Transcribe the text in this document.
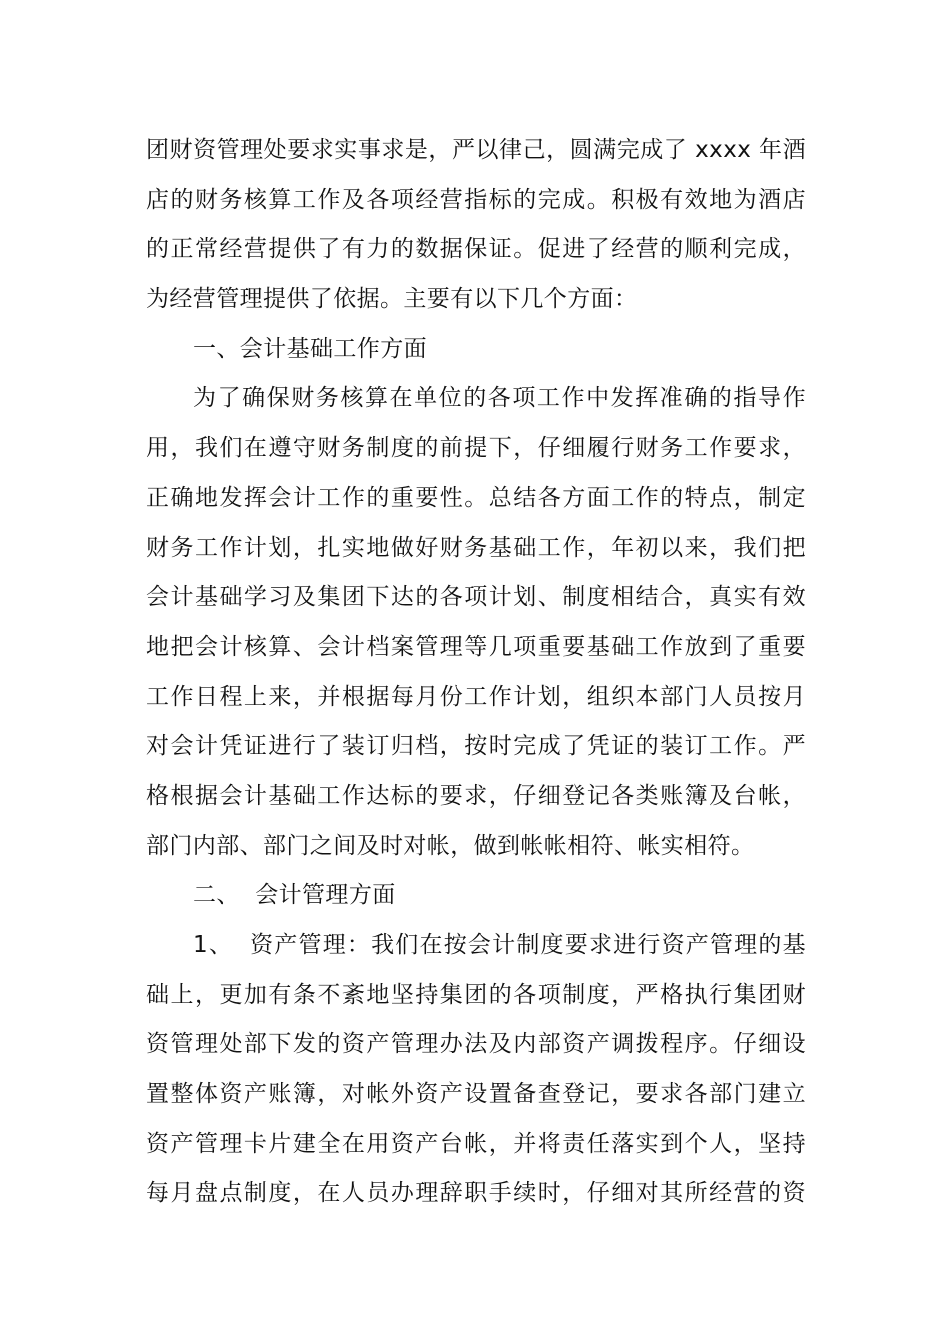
团财资管理处要求实事求是，严以律己，圆满完成了 xxxx 年酒
店的财务核算工作及各项经营指标的完成。积极有效地为酒店
的正常经营提供了有力的数据保证。促进了经营的顺利完成，
为经营管理提供了依据。主要有以下几个方面：
一、会计基础工作方面
为了确保财务核算在单位的各项工作中发挥准确的指导作
用，我们在遵守财务制度的前提下，仔细履行财务工作要求，
正确地发挥会计工作的重要性。总结各方面工作的特点，制定
财务工作计划，扎实地做好财务基础工作，年初以来，我们把
会计基础学习及集团下达的各项计划、制度相结合，真实有效
地把会计核算、会计档案管理等几项重要基础工作放到了重要
工作日程上来，并根据每月份工作计划，组织本部门人员按月
对会计凭证进行了装订归档，按时完成了凭证的装订工作。严
格根据会计基础工作达标的要求，仔细登记各类账簿及台帐，
部门内部、部门之间及时对帐，做到帐帐相符、帐实相符。
二、  会计管理方面
1、  资产管理：我们在按会计制度要求进行资产管理的基
础上，更加有条不紊地坚持集团的各项制度，严格执行集团财
资管理处部下发的资产管理办法及内部资产调拨程序。仔细设
置整体资产账簿，对帐外资产设置备查登记，要求各部门建立
资产管理卡片建全在用资产台帐，并将责任落实到个人，坚持
每月盘点制度，在人员办理辞职手续时，仔细对其所经营的资
